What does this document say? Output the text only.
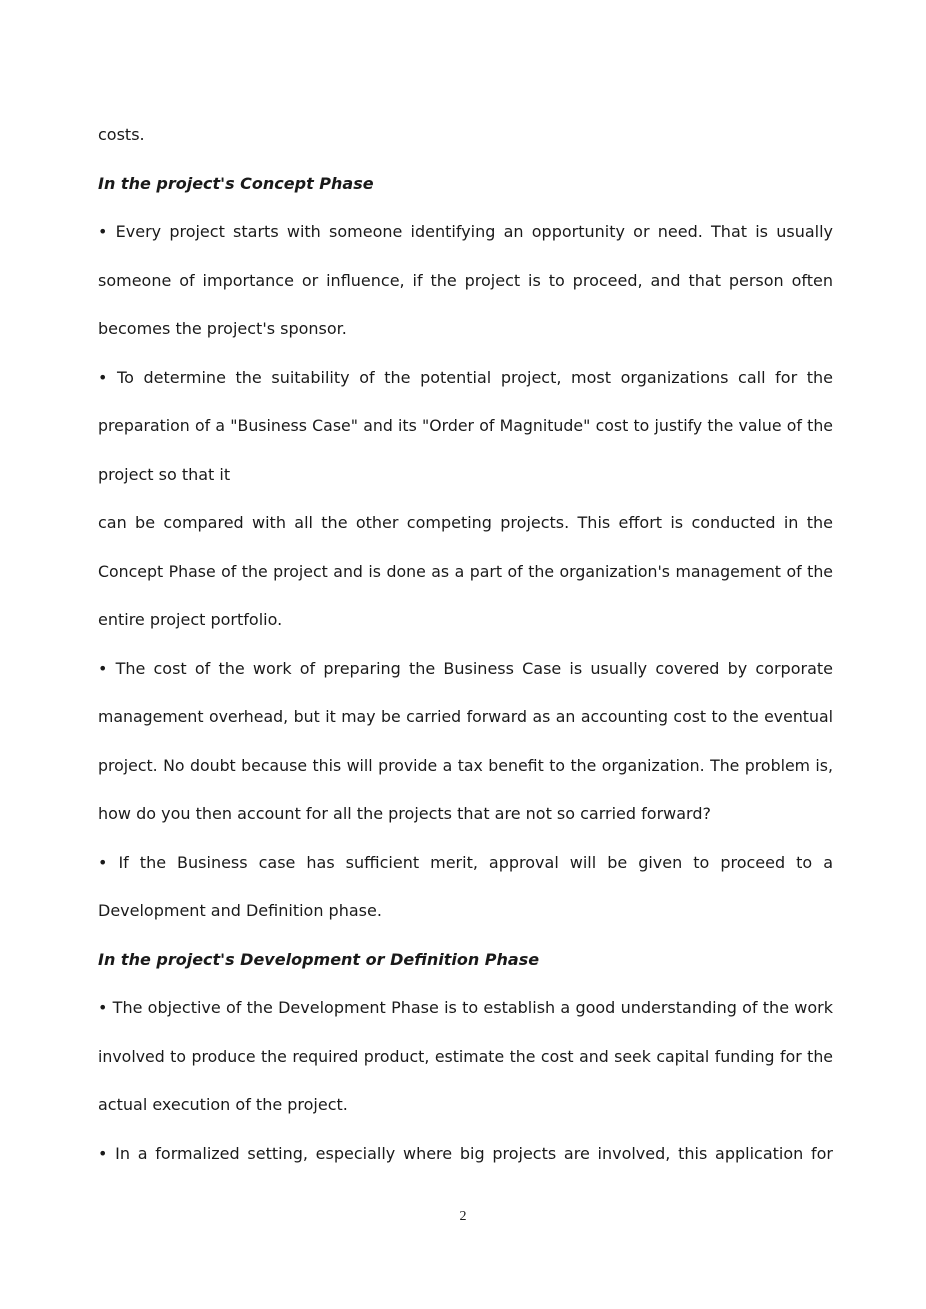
costs.

In the project's Concept Phase

• Every project starts with someone identifying an opportunity or need. That is usually

someone of importance or influence, if the project is to proceed, and that person often

becomes the project's sponsor.

• To determine the suitability of the potential project, most organizations call for the

preparation of a "Business Case" and its "Order of Magnitude" cost to justify the value of the

project so that it

can be compared with all the other competing projects. This effort is conducted in the

Concept Phase of the project and is done as a part of the organization's management of the

entire project portfolio.

• The cost of the work of preparing the Business Case is usually covered by corporate

management overhead, but it may be carried forward as an accounting cost to the eventual

project. No doubt because this will provide a tax benefit to the organization. The problem is,

how do you then account for all the projects that are not so carried forward?

• If the Business case has sufficient merit, approval will be given to proceed to a

Development and Definition phase.

In the project's Development or Definition Phase

• The objective of the Development Phase is to establish a good understanding of the work

involved to produce the required product, estimate the cost and seek capital funding for the

actual execution of the project.

• In a formalized setting, especially where big projects are involved, this application for

2
